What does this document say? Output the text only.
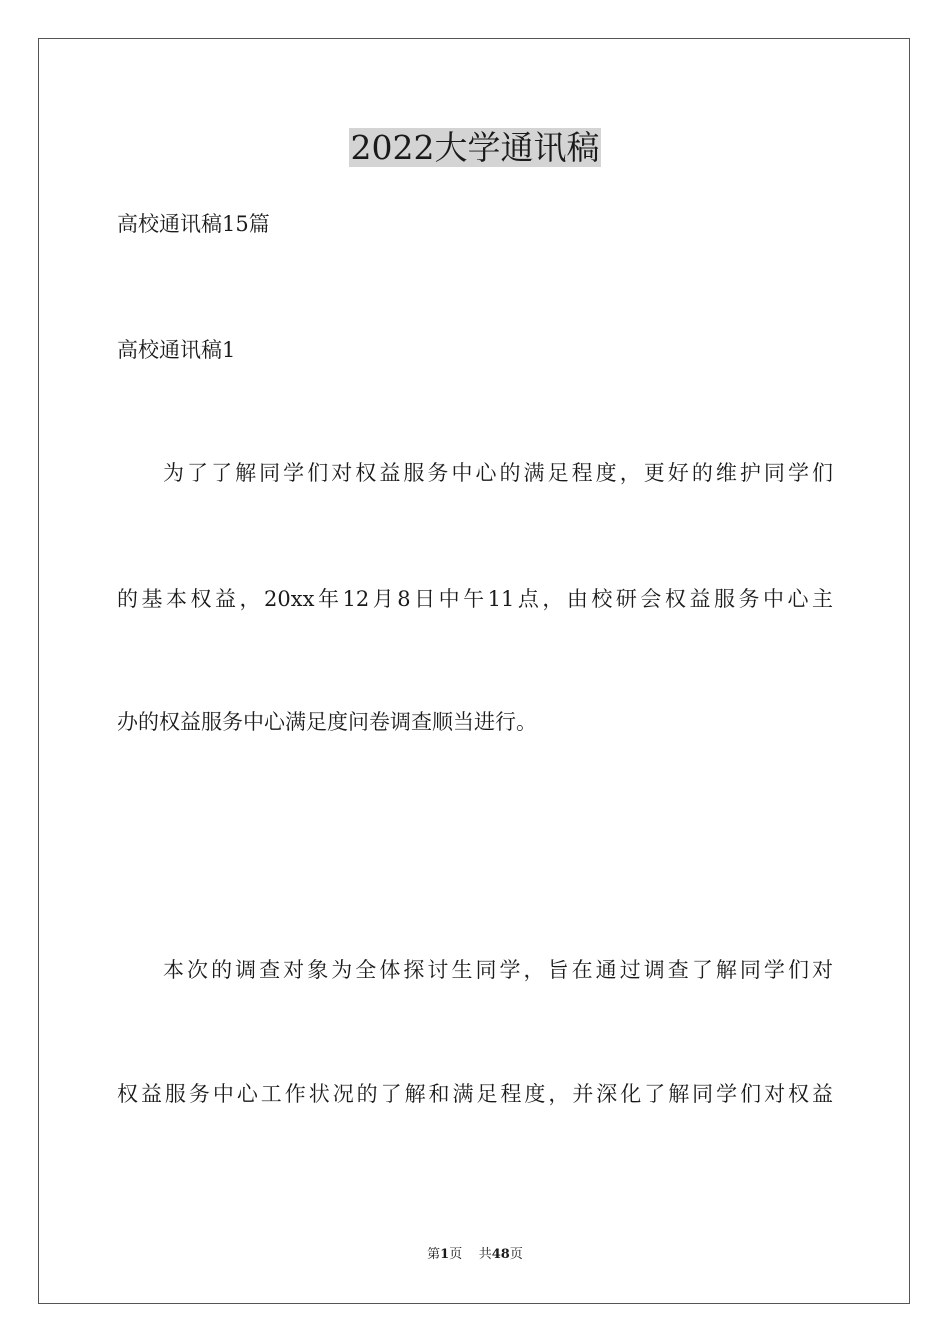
2022大学通讯稿
高校通讯稿15篇
高校通讯稿1
为了了解同学们对权益服务中心的满足程度，更好的维护同学们
的基本权益，20xx年12月8日中午11点，由校研会权益服务中心主
办的权益服务中心满足度问卷调查顺当进行。
本次的调查对象为全体探讨生同学，旨在通过调查了解同学们对
权益服务中心工作状况的了解和满足程度，并深化了解同学们对权益
第1页 共48页
